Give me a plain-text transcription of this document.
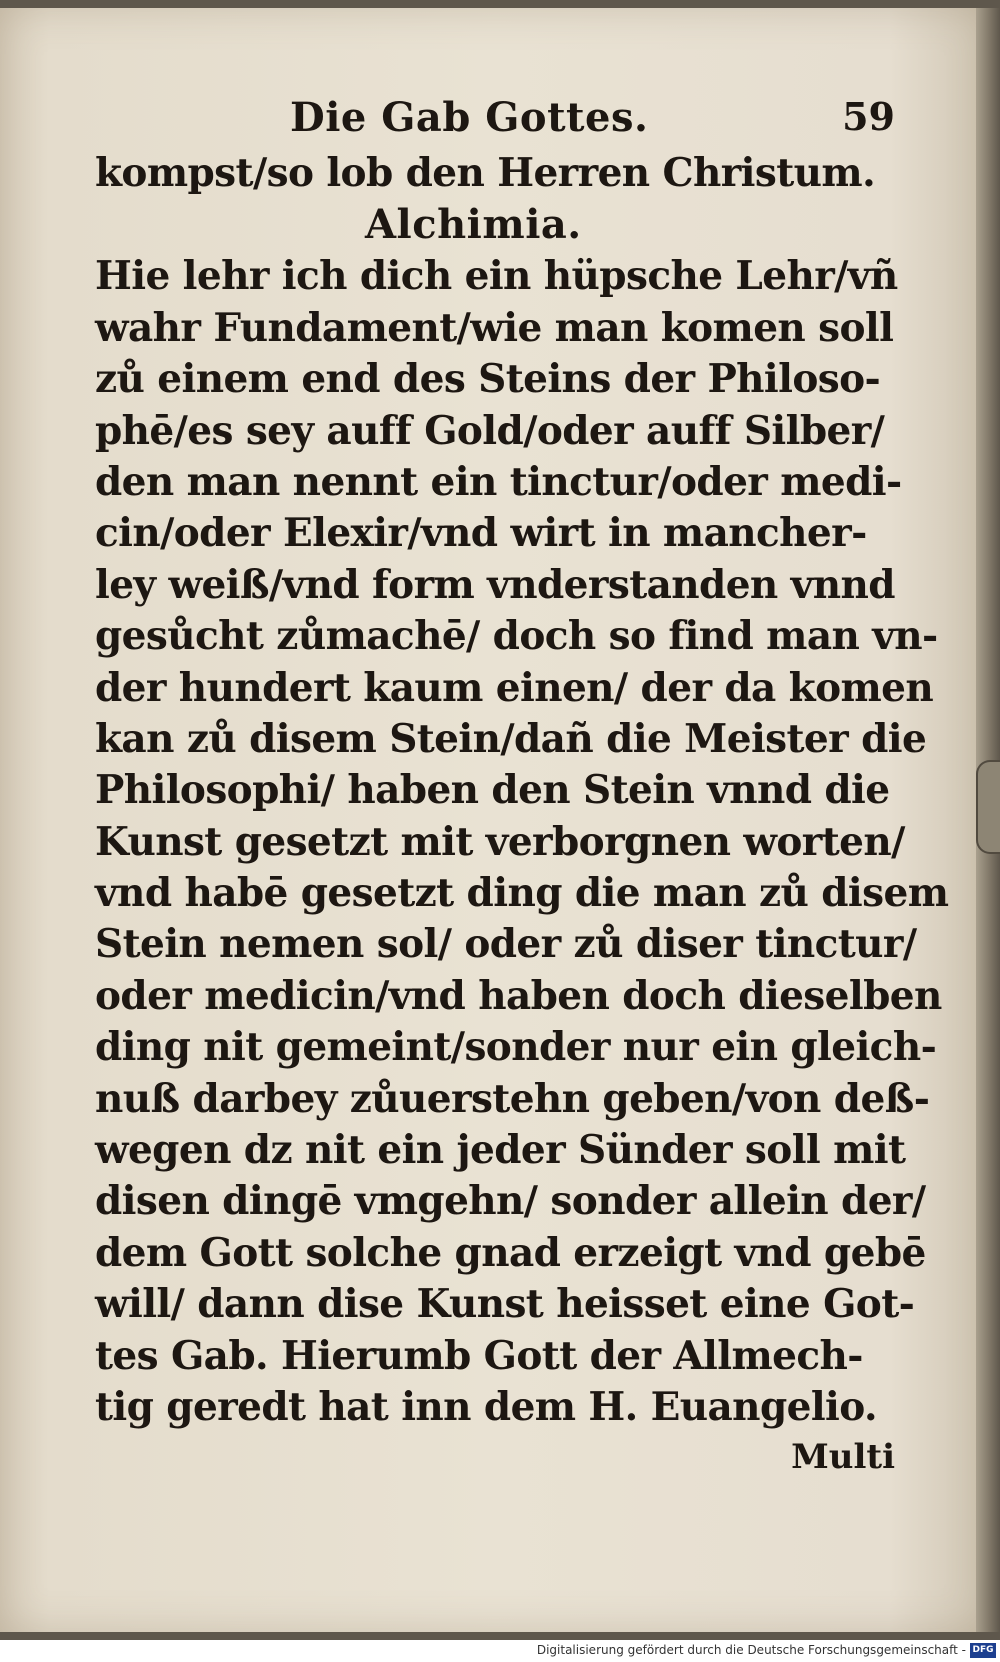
Die Gab Gottes.	59
kompst/so lob den Herren Christum.
Alchimia.
Hie lehr ich dich ein hüpsche Lehr/vñ
wahr Fundament/wie man komen soll
zů einem end des Steins der Philoso-
phē/es sey auff Gold/oder auff Silber/
den man nennt ein tinctur/oder medi-
cin/oder Elexir/vnd wirt in mancher-
ley weiß/vnd form vnderstanden vnnd
gesůcht zůmachē/ doch so find man vn-
der hundert kaum einen/ der da komen
kan zů disem Stein/dañ die Meister die
Philosophi/ haben den Stein vnnd die
Kunst gesetzt mit verborgnen worten/
vnd habē gesetzt ding die man zů disem
Stein nemen sol/ oder zů diser tinctur/
oder medicin/vnd haben doch dieselben
ding nit gemeint/sonder nur ein gleich-
nuß darbey zůuerstehn geben/von deß-
wegen dz nit ein jeder Sünder soll mit
disen dingē vmgehn/ sonder allein der/
dem Gott solche gnad erzeigt vnd gebē
will/ dann dise Kunst heisset eine Got-
tes Gab. Hierumb Gott der Allmech-
tig geredt hat inn dem H. Euangelio.
Multi
Digitalisierung gefördert durch die Deutsche Forschungsgemeinschaft - DFG
